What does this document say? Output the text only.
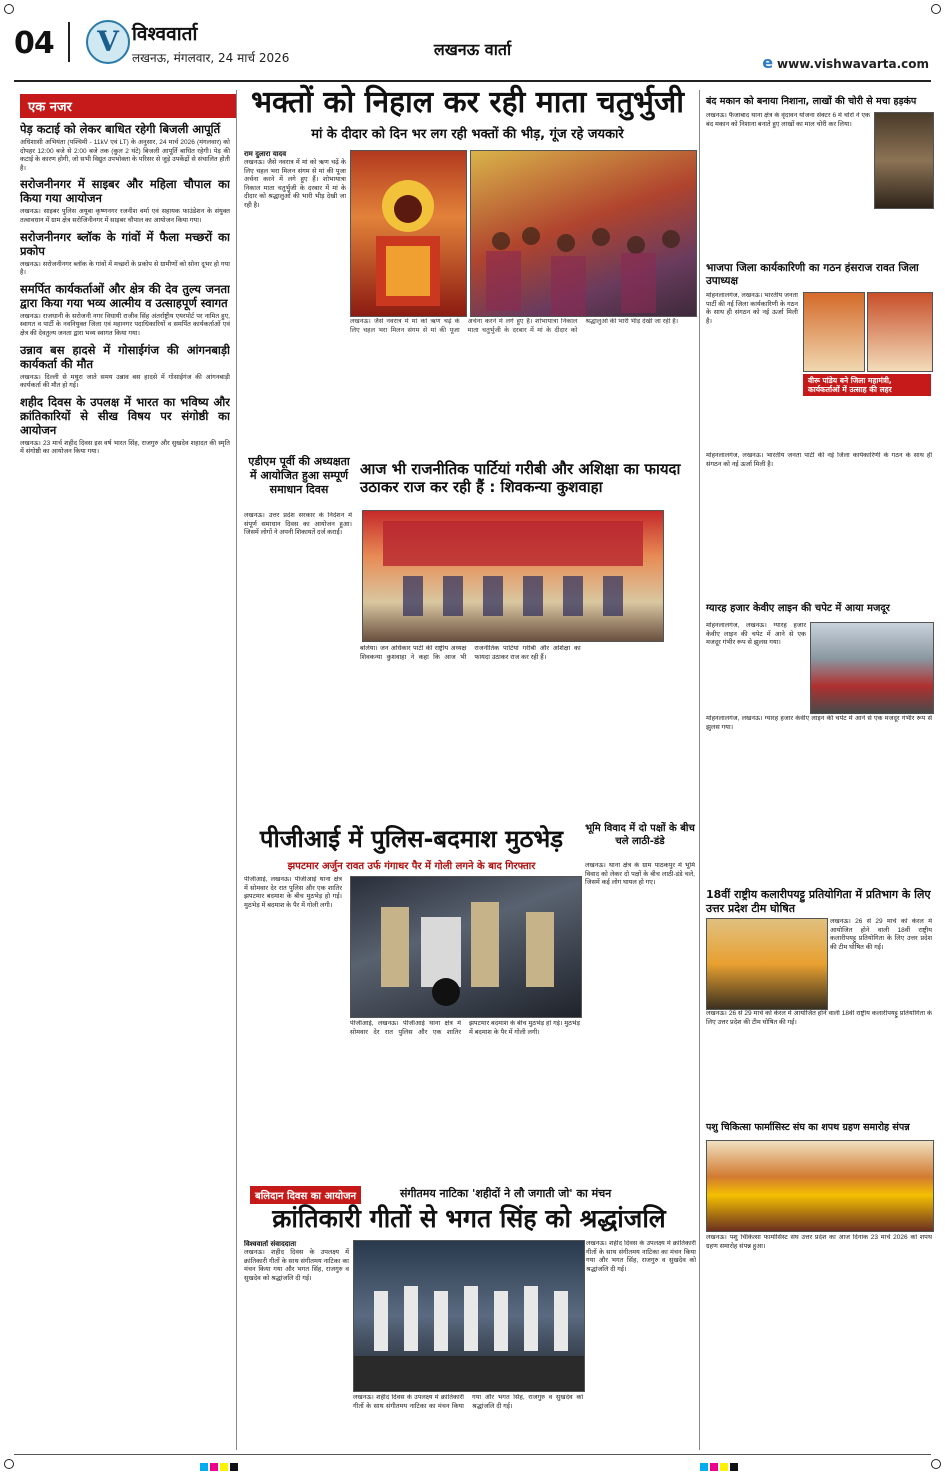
04	V विश्ववार्ता
लखनऊ, मंगलवार, 24 मार्च 2026	लखनऊ वार्ता
e www.vishwavarta.com
एक नजर
पेड़ कटाई को लेकर बाधित रहेगी बिजली आपूर्ति

अधिशासी अभियंता (पश्चिमी - 11kV एवं LT) के अनुसार, 24 मार्च 2026 (मंगलवार) को दोपहर 12:00 बजे से 2:00 बजे तक (कुल 2 घंटे) बिजली आपूर्ति बाधित रहेगी। पेड़ की कटाई के कारण होगी, जो सभी विद्युत उपभोक्ता के परिसर से जुड़े उपकेंद्रों से संचालित होती है।

सरोजनीनगर में साइबर और महिला चौपाल का किया गया आयोजन

लखनऊ। साइबर पुलिस अयूबा कृष्णनगर रजनीश वर्मा एवं सहायक फाउंडेशन के संयुक्त तत्वावधान में ग्राम क्षेत्र सरोजिनीनगर में साइबर चौपाल का आयोजन किया गया।

सरोजनीनगर ब्लॉक के गांवों में फैला मच्छरों का प्रकोप

लखनऊ। सरोजनीनगर ब्लॉक के गांवों में मच्छरों के प्रकोप से ग्रामीणों को सोना दूभर हो गया है।

समर्पित कार्यकर्ताओं और क्षेत्र की देव तुल्य जनता द्वारा किया गया भव्य आत्मीय व उत्साहपूर्ण स्वागत

लखनऊ। राजधानी के सरोजनी नगर विधायी राजीव सिंह अंतर्राष्ट्रीय एयरपोर्ट पर नामित हुए, स्वागत व पार्टी के नवनियुक्त जिला एवं महानगर पदाधिकारियों व समर्पित कार्यकर्ताओं एवं क्षेत्र की देवतुल्य जनता द्वारा भव्य स्वागत किया गया।

उन्नाव बस हादसे में गोसाईगंज की आंगनबाड़ी कार्यकर्ता की मौत

लखनऊ। दिल्ली से मथुरा जाते समय उन्नाव बस हादसे में गोसाईगंज की आंगनबाड़ी कार्यकर्ता की मौत हो गई।

शहीद दिवस के उपलक्ष में भारत का भविष्य और क्रांतिकारियों से सीख विषय पर संगोष्ठी का आयोजन

लखनऊ। 23 मार्च शहीद दिवस इस वर्ष भारत सिंह, राजगुरु और सुखदेव शहादत की स्मृति में संगोष्ठी का आयोजन किया गया।

भक्तों को निहाल कर रही माता चतुर्भुजी
मां के दीदार को दिन भर लग रही भक्तों की भीड़, गूंज रहे जयकारे
राम दुलारा यादव

लखनऊ। जैसे नवरात्र में मां को ऋण चढ़ें के लिए चहल भरा मिलन संगम से मां की पूजा अर्चना करने में लगे हुए हैं। शोभायात्रा निकाल माता चतुर्भुजी के दरबार में मां के दीदार को श्रद्धालुओं की भारी भीड़ देखी जा रही है।

लखनऊ। जैसे नवरात्र में मां को ऋण चढ़ें के लिए चहल भरा मिलन संगम से मां की पूजा अर्चना करने में लगे हुए हैं। शोभायात्रा निकाल माता चतुर्भुजी के दरबार में मां के दीदार को श्रद्धालुओं की भारी भीड़ देखी जा रही है।

एडीएम पूर्वी की अध्यक्षता में आयोजित हुआ सम्पूर्ण समाधान दिवस

लखनऊ। उत्तर प्रदेश सरकार के निर्देशन में संपूर्ण समाधान दिवस का आयोजन हुआ। जिसमें लोगों ने अपनी शिकायतें दर्ज कराईं।

आज भी राजनीतिक पार्टियां गरीबी और अशिक्षा का फायदा उठाकर राज कर रही हैं : शिवकन्या कुशवाहा

बलिया। जन अधिकार पार्टी की राष्ट्रीय अध्यक्ष शिवकन्या कुशवाहा ने कहा कि आज भी राजनीतिक पार्टियां गरीबी और अशिक्षा का फायदा उठाकर राज कर रही हैं।

पीजीआई में पुलिस-बदमाश मुठभेड़
झपटमार अर्जुन रावत उर्फ गंगाधर पैर में गोली लगने के बाद गिरफ्तार

पीजीआई, लखनऊ। पीजीआई थाना क्षेत्र में सोमवार देर रात पुलिस और एक शातिर झपटमार बदमाश के बीच मुठभेड़ हो गई। मुठभेड़ में बदमाश के पैर में गोली लगी।

पीजीआई, लखनऊ। पीजीआई थाना क्षेत्र में सोमवार देर रात पुलिस और एक शातिर झपटमार बदमाश के बीच मुठभेड़ हो गई। मुठभेड़ में बदमाश के पैर में गोली लगी।

भूमि विवाद में दो पक्षों के बीच चले लाठी-डंडे

लखनऊ। थाना क्षेत्र के ग्राम पाठकपुर में भूमि विवाद को लेकर दो पक्षों के बीच लाठी-डंडे चले, जिसमें कई लोग घायल हो गए।

बलिदान दिवस का आयोजन	संगीतमय नाटिका 'शहीदों ने लौ जगाती जो' का मंचन
क्रांतिकारी गीतों से भगत सिंह को श्रद्धांजलि
विश्ववार्ता संवाददाता

लखनऊ। शहीद दिवस के उपलक्ष्य में क्रांतिकारी गीतों के साथ संगीतमय नाटिका का मंचन किया गया और भगत सिंह, राजगुरु व सुखदेव को श्रद्धांजलि दी गई।

लखनऊ। शहीद दिवस के उपलक्ष्य में क्रांतिकारी गीतों के साथ संगीतमय नाटिका का मंचन किया गया और भगत सिंह, राजगुरु व सुखदेव को श्रद्धांजलि दी गई।

लखनऊ। शहीद दिवस के उपलक्ष्य में क्रांतिकारी गीतों के साथ संगीतमय नाटिका का मंचन किया गया और भगत सिंह, राजगुरु व सुखदेव को श्रद्धांजलि दी गई।

बंद मकान को बनाया निशाना, लाखों की चोरी से मचा हड़कंप

लखनऊ। फैजाबाद थाना क्षेत्र के वृंदावन योजना सेक्टर 6 में चोरों ने एक बंद मकान को निशाना बनाते हुए लाखों का माल चोरी कर लिया।

भाजपा जिला कार्यकारिणी का गठन हंसराज रावत जिला उपाध्यक्ष
वीरू पांडेय बने जिला महामंत्री, कार्यकर्ताओं में उत्साह की लहर

मोहनलालगंज, लखनऊ। भारतीय जनता पार्टी की नई जिला कार्यकारिणी के गठन के साथ ही संगठन को नई ऊर्जा मिली है।

मोहनलालगंज, लखनऊ। भारतीय जनता पार्टी की नई जिला कार्यकारिणी के गठन के साथ ही संगठन को नई ऊर्जा मिली है।

ग्यारह हजार केवीए लाइन की चपेट में आया मजदूर

मोहनलालगंज, लखनऊ। ग्यारह हजार केवीए लाइन की चपेट में आने से एक मजदूर गंभीर रूप से झुलस गया।

मोहनलालगंज, लखनऊ। ग्यारह हजार केवीए लाइन की चपेट में आने से एक मजदूर गंभीर रूप से झुलस गया।

18वीं राष्ट्रीय कलारीपयट्टु प्रतियोगिता में प्रतिभाग के लिए उत्तर प्रदेश टीम घोषित

लखनऊ। 26 से 29 मार्च को केरल में आयोजित होने वाली 18वीं राष्ट्रीय कलारीपयट्टु प्रतियोगिता के लिए उत्तर प्रदेश की टीम घोषित की गई।

लखनऊ। 26 से 29 मार्च को केरल में आयोजित होने वाली 18वीं राष्ट्रीय कलारीपयट्टु प्रतियोगिता के लिए उत्तर प्रदेश की टीम घोषित की गई।

पशु चिकित्सा फार्मासिस्ट संघ का शपथ ग्रहण समारोह संपन्न

लखनऊ। पशु चिकित्सा फार्मासिस्ट संघ उत्तर प्रदेश का आज दिनांक 23 मार्च 2026 को शपथ ग्रहण समारोह संपन्न हुआ।
